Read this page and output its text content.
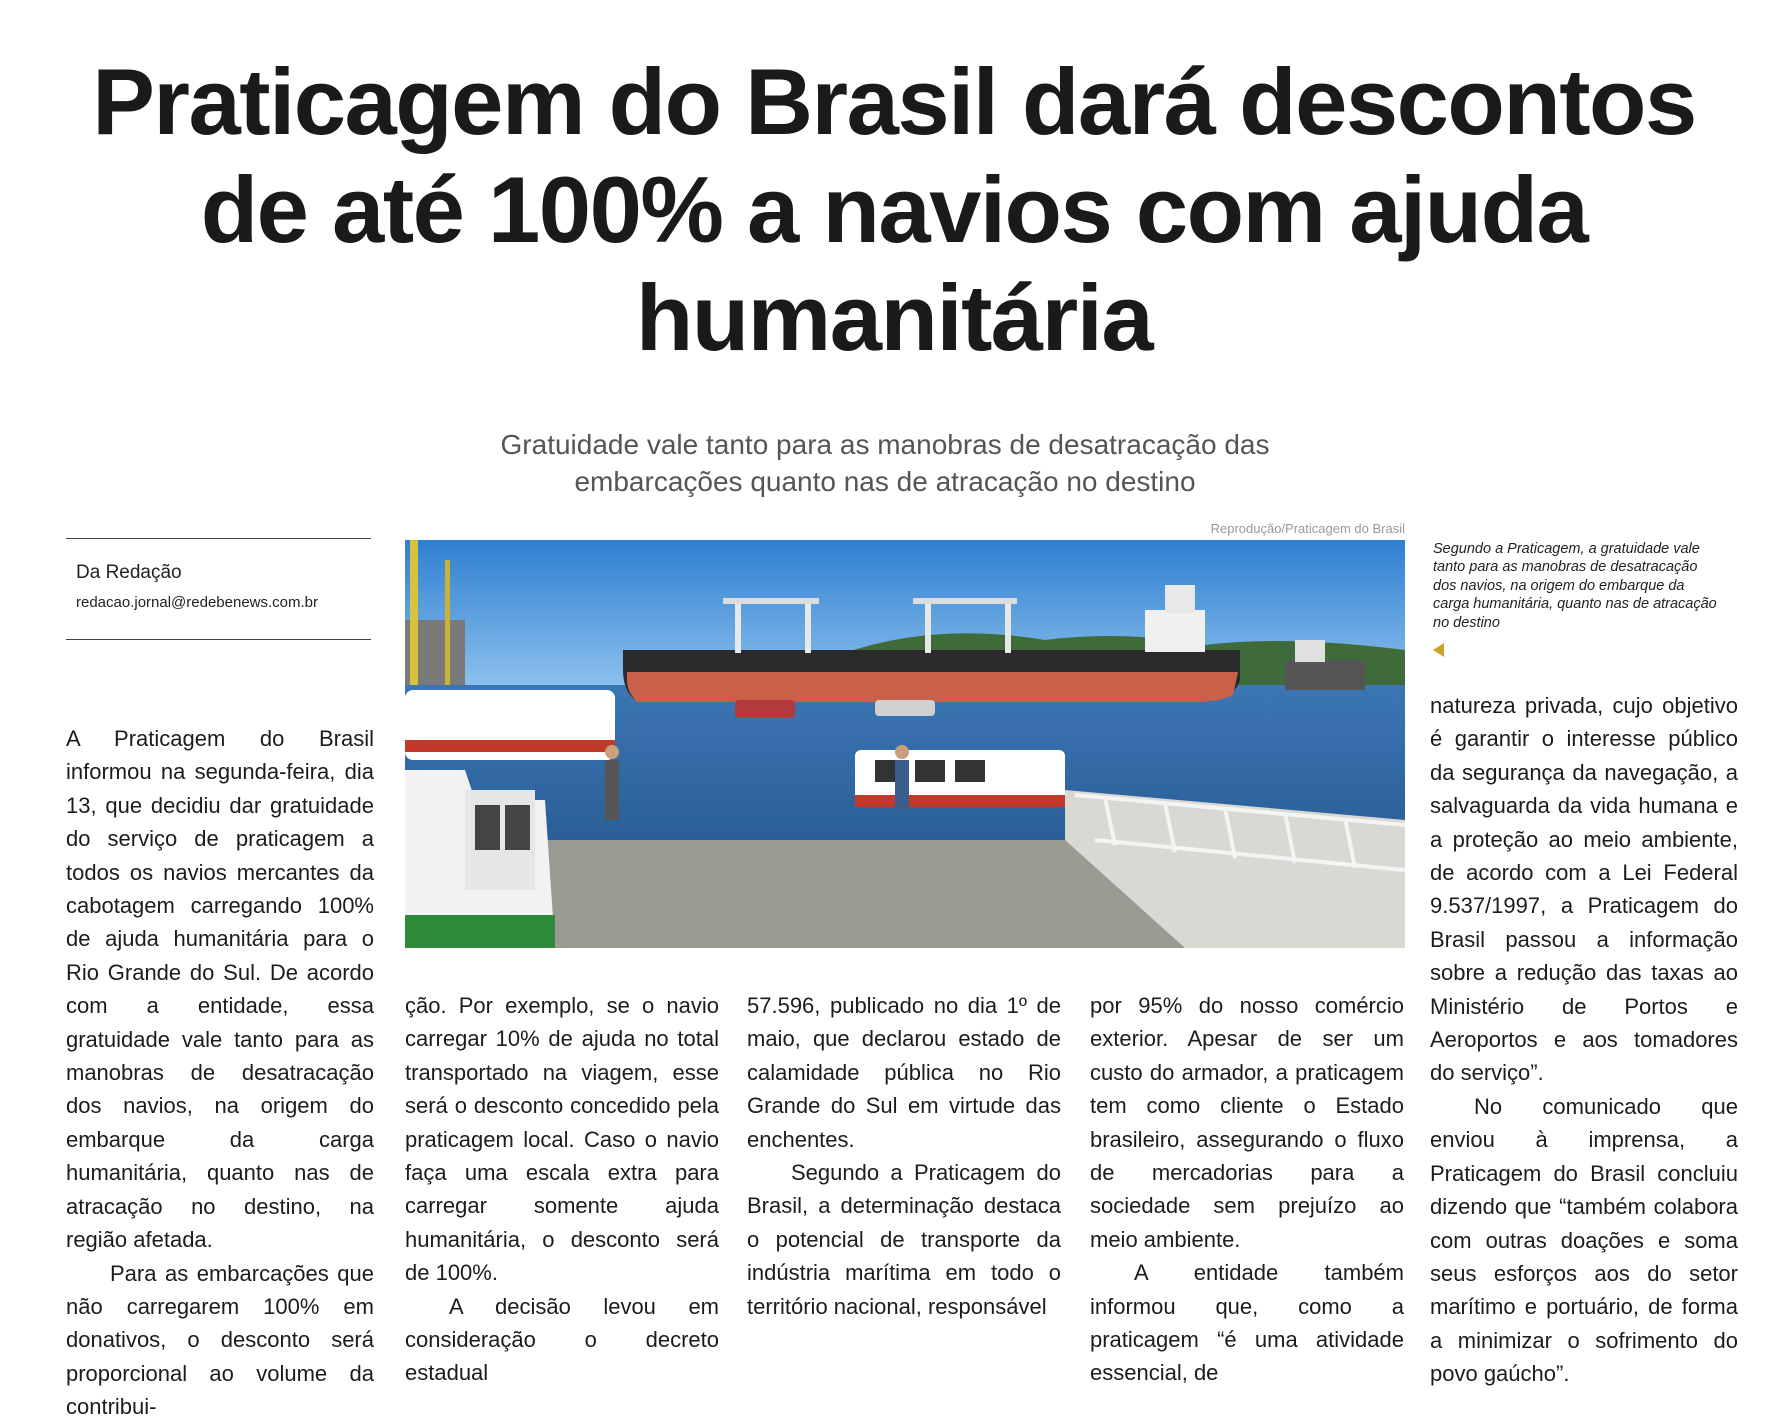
Praticagem do Brasil dará descontos de até 100% a navios com ajuda humanitária

Gratuidade vale tanto para as manobras de desatracação das embarcações quanto nas de atracação no destino

Da Redação
redacao.jornal@redebenews.com.br
Reprodução/Praticagem do Brasil
Segundo a Praticagem, a gratuidade vale tanto para as manobras de desatracação dos navios, na origem do embarque da carga humanitária, quanto nas de atracação no destino

A Praticagem do Brasil informou na segunda-feira, dia 13, que decidiu dar gratuidade do serviço de praticagem a todos os navios mercantes da cabotagem carregando 100% de ajuda humanitária para o Rio Grande do Sul. De acordo com a entidade, essa gratuidade vale tanto para as manobras de desatracação dos navios, na origem do embarque da carga humanitária, quanto nas de atracação no destino, na região afetada.

Para as embarcações que não carregarem 100% em donativos, o desconto será proporcional ao volume da contribui-

ção. Por exemplo, se o navio carregar 10% de ajuda no total transportado na viagem, esse será o desconto concedido pela praticagem local. Caso o navio faça uma escala extra para carregar somente ajuda humanitária, o desconto será de 100%.

A decisão levou em consideração o decreto estadual

57.596, publicado no dia 1º de maio, que declarou estado de calamidade pública no Rio Grande do Sul em virtude das enchentes.

Segundo a Praticagem do Brasil, a determinação destaca o potencial de transporte da indústria marítima em todo o território nacional, responsável

por 95% do nosso comércio exterior. Apesar de ser um custo do armador, a praticagem tem como cliente o Estado brasileiro, assegurando o fluxo de mercadorias para a sociedade sem prejuízo ao meio ambiente.

A entidade também informou que, como a praticagem “é uma atividade essencial, de

natureza privada, cujo objetivo é garantir o interesse público da segurança da navegação, a salvaguarda da vida humana e a proteção ao meio ambiente, de acordo com a Lei Federal 9.537/1997, a Praticagem do Brasil passou a informação sobre a redução das taxas ao Ministério de Portos e Aeroportos e aos tomadores do serviço”.

No comunicado que enviou à imprensa, a Praticagem do Brasil concluiu dizendo que “também colabora com outras doações e soma seus esforços aos do setor marítimo e portuário, de forma a minimizar o sofrimento do povo gaúcho”.
